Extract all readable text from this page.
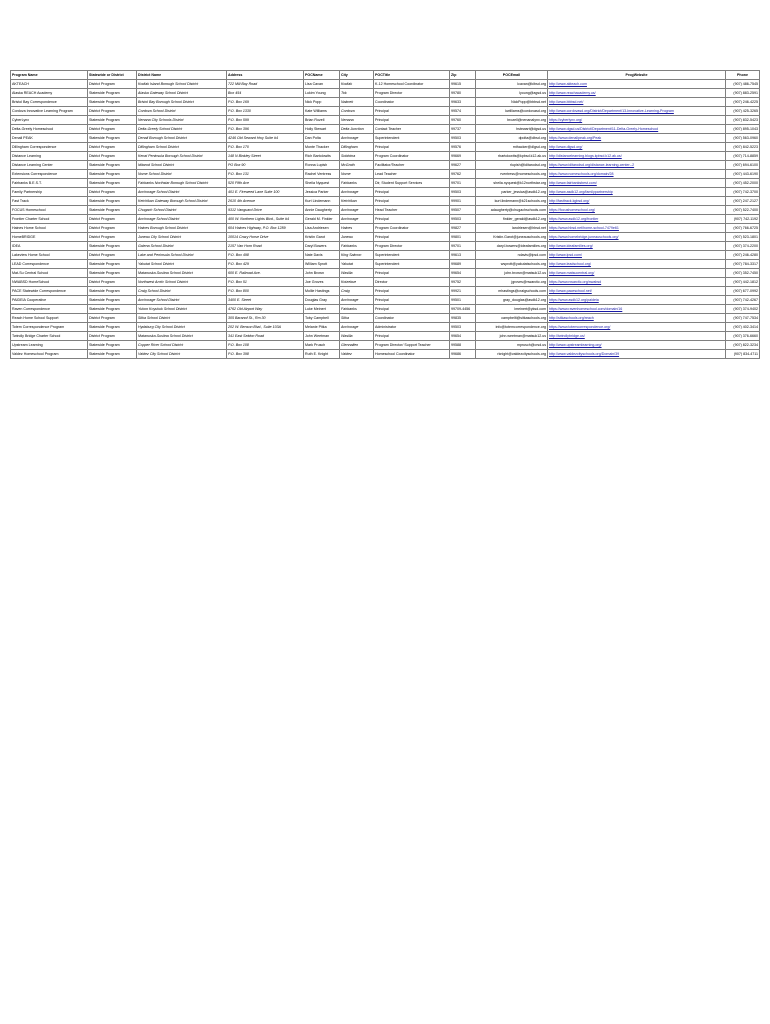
Program Name	Statewide or District	District Name	Address	POCName	City	POCTitle	Zip	POCEmail	ProgWebsite	Phone
AKTEACH	District Program	Kodiak Island Borough School District	722 Mill Bay Road	Lisa Cavan	Kodiak	K-12 Homeschool Coordinator	99615	lcavan@kibsd.org	http://www.akteach.com	(907) 486-7545
Alaska REACH Academy	Statewide Program	Alaska Gateway School District	Box 454	Lukim Young	Tok	Program Director	99780	lyoung@agsd.us	http://www.reachacademy.us/	(907) 883-2591
Bristol Bay Correspondence	Statewide Program	Bristol Bay Borough School District	P.O. Box 169	Nick Popp	Naknek	Coordinator	99633	NickPopp@bbbsd.net	http://www.bbbsd.net/	(907) 246-4225
Cordova Innovative Learning Program	District Program	Cordova School District	P.O. Box 1330	Kate Williams	Cordova	Principal	99574	kwilliams@cordovasd.org	http://www.cordovasd.org/District/Department/13-Innovative-Learning-Program	(907) 425-3265
CyberLynx	Statewide Program	Nenana City Schools District	P.O. Box 599	Brian Rozell	Nenana	Principal	99760	brozell@nenanalynx.org	https://cyberlynx.org/	(907) 832-5423
Delta-Greely Homeschool	District Program	Delta-Greely School District	P.O. Box 396	Holly Stewart	Delta Junction	Contact Teacher	99737	hstewart@dgsd.us	http://www.dgsd.us/District/Department/11-Delta-Greely-Homeschool	(907) 895-1043
Denali PEAK	Statewide Program	Denali Borough School District	4246 Old Seward Hwy Suite #4	Dan Polta	Anchorage	Superintendent	99503	dpolta@dbsd.org	https://www.denalipeak.org/Peak	(907) 563-0960
Dillingham Correspondence	District Program	Dillingham School District	P.O. Box 170	Monte Thacker	Dillingham	Principal	99576	mthacker@dlgsd.org	http://www.dlgsd.org/	(907) 842-5223
Distance Learning	District Program	Kenai Peninsula Borough School District	148 N Binkley Street	Rich Bartolowits	Soldotna	Program Coordinator	99669	rbartolowits@kpbsd.k12.ak.us	http://distancelearning.blogs.kpbsd.k12.ak.us/	(907) 714-8859
Distance Learning Center	Statewide Program	Iditarod School District	PO Box 90	Ronna Lupish	McGrath	Facilitator/Teacher	99627	rlupish@iditarodsd.org	https://www.iditarodsd.org/distance-learning-center--2	(907) 694-6100
Extensions Correspondence	Statewide Program	Nome School District	P.O. Box 131	Rachel Ventress	Nome	Lead Teacher	99762	rventress@nomeschools.org	https://www.nomeschools.org/domain/28	(907) 443-6190
Fairbanks B.E.S.T.	Statewide Program	Fairbanks Northstar Borough School District	520 Fifth Ave	Sheila Nyquest	Fairbanks	Dir, Student Support Services	99701	sheila.nyquest@k12northstar.org	http://www.fairbanksbest.com/	(907) 452-2000
Family Partnership	District Program	Anchorage School District	401 E. Fireweed Lane Suite 100	Jessica Parker	Anchorage	Principal	99503	parker_jessica@asdk12.org	http://www.asdk12.org/familypartnership	(907) 742-3700
Fast Track	Statewide Program	Ketchikan Gateway Borough School District	2610 4th Avenue	Kurt Lindemann	Ketchikan	Principal	99901	kurt.lindemann@k21schools.org	http://fasttrack.kgbsd.org/	(907) 247-2127
FOCUS Homeschool	Statewide Program	Chugach School District	9312 Vanguard Drive	Annie Daugherty	Anchorage	Head Teacher	99507	adaugherty@chugachschools.com	https://focushomeschool.org/	(907) 522-7400
Frontier Charter School	District Program	Anchorage School District	400 W. Northern Lights Blvd., Suite #4	Gerald M. Finkler	Anchorage	Principal	99503	finkler_gerald@asdk12.org	https://www.asdk12.org/frontier	(907) 742-1192
Haines Home School	District Program	Haines Borough School District	604 Haines Highway, P.O. Box 1289	Lisa Andriesen	Haines	Program Coordinator	99827	landriesen@hbsd.net	https://www.hbsd.net/home-school-7479e61	(907) 766-6725
HomeBRIDGE	District Program	Juneau City School District	10014 Crazy Horse Drive	Kristin Garot	Juneau	Principal	99801	Kristin.Garot@juneauschools.org	https://www.homebridge.juneauschools.org/	(907) 523-1801
IDEA	Statewide Program	Galena School District	2157 Van Horn Road	Daryl Bowers	Fairbanks	Program Director	99701	daryl.bowers@ideafamilies.org	http://www.ideafamilies.org/	(907) 374-2200
Lakeview Home School	District Program	Lake and Peninsula School District	P.O. Box 498	Nate Davis	King Salmon	Superintendent	99613	ndavis@lpsd.com	http://www.lpsd.com/	(907) 246-4280
LEAD Correspondence	Statewide Program	Yakutat School District	P.O. Box 429	William Sprott	Yakutat	Superintendent	99689	wsprott@yakutatschools.org	http://www.leadschool.org/	(907) 784-3317
Mat-Su Central School	Statewide Program	Matanuska-Susitna School District	600 E. Railroad Ave.	John Brown	Wasilla	Principal	99654	john.brown@matsuk12.us	http://www.matsucentral.org/	(907) 352-7450
NWABSD HomeSchool	District Program	Northwest Arctic School District	P.O. Box 51	Joe Groves	Kotzebue	Director	99752	jgroves@nwarctic.org	https://www.nwarctic.org/nwabsd	(907) 442-1812
PACE Statewide Correspondence	Statewide Program	Craig School District	P.O. Box 800	Mollie Hastings	Craig	Principal	99921	mhastings@craigschools.com	http://www.paceschool.net/	(907) 677-0992
PAIDEIA Cooperative	Statewide Program	Anchorage School District	3400 E. Street	Douglas Gray	Anchorage	Principal	99501	gray_douglas@asdk12.org	https://www.asdk12.org/paideia	(907) 742-4267
Raven Correspondence	Statewide Program	Yukon Koyukuk School District	4762 Old Airport Way	Luke Meinert	Fairbanks	Principal	99709-4456	lmeinert@yksd.com	https://www.ravenhomeschool.com/domain/16	(907) 374-9402
Reach Home School Support	District Program	Sitka School District	305 Baranof St., Rm 30	Toby Campbell	Sitka	Coordinator	99835	campbellt@sitkaschools.org	http://sitkaschools.org/reach	(907) 747-7534
Totem Correspondence Program	Statewide Program	Hydaburg City School District	202 W. Benson Blvd., Suite 103A	Melanie Pitka	Anchorage	Administrator	99503	info@totemcorrespondence.org	https://www.totemcorrespondence.org/	(907) 402-3414
Twindly Bridge Charter School	District Program	Matanuska-Susitna School District	341 East Seldon Road	John Weetman	Wasilla	Principal	99654	john.weetman@matsuk12.us	http://twindlybridge.us/	(907) 376-6660
Upstream Learning	Statewide Program	Copper River School District	P.O. Box 108	Mark Prusch	Glennallen	Program Director/ Support Teacher	99588	mprusch@crsd.us	http://www.upstreamlearning.org/	(907) 822-3234
Valdez Homeschool Program	Statewide Program	Valdez City School District	P.O. Box 398	Ruth E. Knight	Valdez	Homeschool Coordinator	99686	rknight@valdezcityschools.org	http://www.valdezcityschools.org/Domain/39	(907) 834-4711
